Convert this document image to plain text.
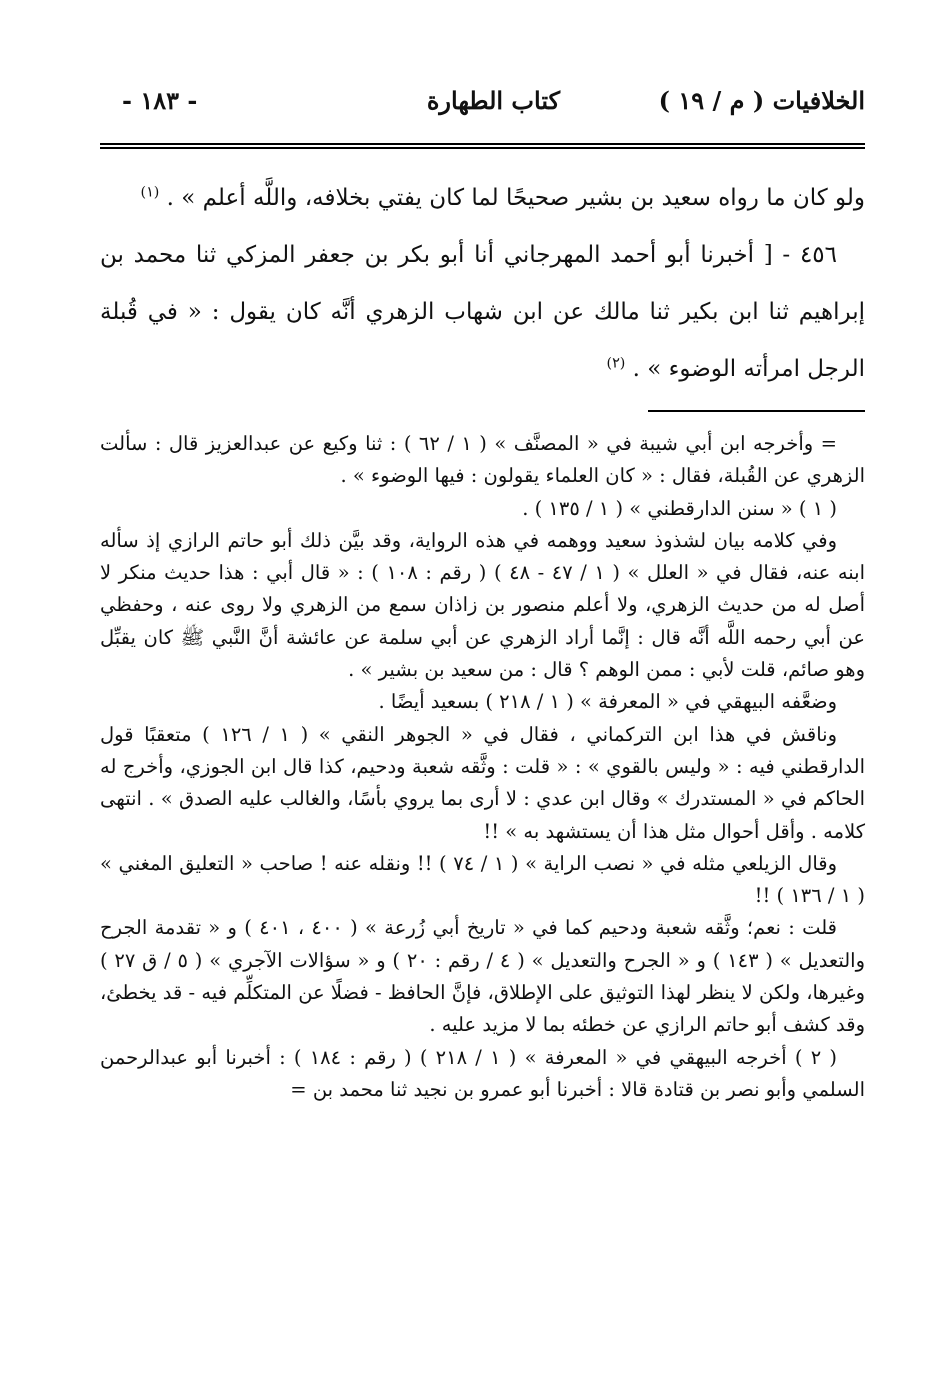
الخلافيات ( م / ١٩ )
كتاب الطهارة
- ١٨٣ -

ولو كان ما رواه سعيد بن بشير صحيحًا لما كان يفتي بخلافه، واللَّه أعلم » . $^{(١)}$

٤٥٦ - [ أخبرنا أبو أحمد المهرجاني أنا أبو بكر بن جعفر المزكي ثنا محمد بن إبراهيم ثنا ابن بكير ثنا مالك عن ابن شهاب الزهري أنَّه كان يقول : « في قُبلة الرجل امرأته الوضوء » . $^{(٢)}$

= وأخرجه ابن أبي شيبة في « المصنَّف » ( ١ / ٦٢ ) : ثنا وكيع عن عبدالعزيز قال : سألت الزهري عن القُبلة، فقال : « كان العلماء يقولون : فيها الوضوء » .

( ١ ) « سنن الدارقطني » ( ١ / ١٣٥ ) .

وفي كلامه بيان لشذوذ سعيد ووهمه في هذه الرواية، وقد بيَّن ذلك أبو حاتم الرازي إذ سأله ابنه عنه، فقال في « العلل » ( ١ / ٤٧ - ٤٨ ) ( رقم : ١٠٨ ) : « قال أبي : هذا حديث منكر لا أصل له من حديث الزهري، ولا أعلم منصور بن زاذان سمع من الزهري ولا روى عنه ، وحفظي عن أبي رحمه اللَّه أنَّه قال : إنَّما أراد الزهري عن أبي سلمة عن عائشة أنَّ النَّبي ﷺ كان يقبِّل وهو صائم، قلت لأبي : ممن الوهم ؟ قال : من سعيد بن بشير » .

وضعَّفه البيهقي في « المعرفة » ( ١ / ٢١٨ ) بسعيد أيضًا .

وناقش في هذا ابن التركماني ، فقال في « الجوهر النقي » ( ١ / ١٢٦ ) متعقبًا قول الدارقطني فيه : « وليس بالقوي » : « قلت : وثَّقه شعبة ودحيم، كذا قال ابن الجوزي، وأخرج له الحاكم في « المستدرك » وقال ابن عدي : لا أرى بما يروي بأسًا، والغالب عليه الصدق » . انتهى كلامه . وأقل أحوال مثل هذا أن يستشهد به » !!

وقال الزيلعي مثله في « نصب الراية » ( ١ / ٧٤ ) !! ونقله عنه ! صاحب « التعليق المغني » ( ١ / ١٣٦ ) !!

قلت : نعم؛ وثَّقه شعبة ودحيم كما في « تاريخ أبي زُرعة » ( ٤٠٠ ، ٤٠١ ) و « تقدمة الجرح والتعديل » ( ١٤٣ ) و « الجرح والتعديل » ( ٤ / رقم : ٢٠ ) و « سؤالات الآجري » ( ٥ / ق ٢٧ ) وغيرها، ولكن لا ينظر لهذا التوثيق على الإطلاق، فإنَّ الحافظ - فضلًا عن المتكلِّم فيه - قد يخطئ، وقد كشف أبو حاتم الرازي عن خطئه بما لا مزيد عليه .

( ٢ ) أخرجه البيهقي في « المعرفة » ( ١ / ٢١٨ ) ( رقم : ١٨٤ ) : أخبرنا أبو عبدالرحمن السلمي وأبو نصر بن قتادة قالا : أخبرنا أبو عمرو بن نجيد ثنا محمد بن =
